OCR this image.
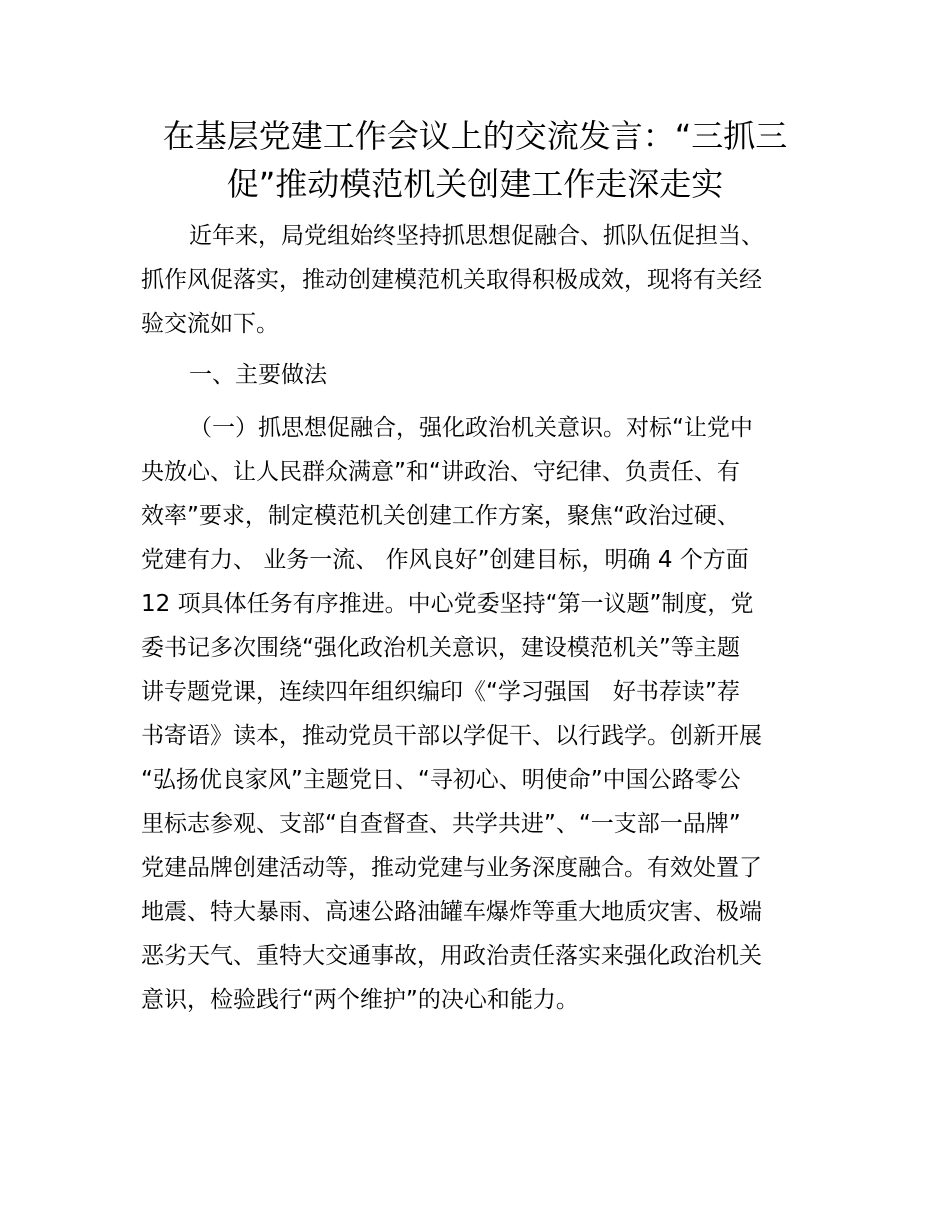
在基层党建工作会议上的交流发言：“三抓三
促”推动模范机关创建工作走深走实

近年来，局党组始终坚持抓思想促融合、抓队伍促担当、
抓作风促落实，推动创建模范机关取得积极成效，现将有关经
验交流如下。

一、主要做法

（一）抓思想促融合，强化政治机关意识。对标“让党中
央放心、让人民群众满意”和“讲政治、守纪律、负责任、有
效率”要求，制定模范机关创建工作方案，聚焦“政治过硬、
党建有力、 业务一流、 作风良好”创建目标，明确 4 个方面
12 项具体任务有序推进。中心党委坚持“第一议题”制度，党
委书记多次围绕“强化政治机关意识，建设模范机关”等主题
讲专题党课，连续四年组织编印《“学习强国　好书荐读”荐
书寄语》读本，推动党员干部以学促干、以行践学。创新开展
“弘扬优良家风”主题党日、“寻初心、明使命”中国公路零公
里标志参观、支部“自查督查、共学共进”、“一支部一品牌”
党建品牌创建活动等，推动党建与业务深度融合。有效处置了
地震、特大暴雨、高速公路油罐车爆炸等重大地质灾害、极端
恶劣天气、重特大交通事故，用政治责任落实来强化政治机关
意识，检验践行“两个维护”的决心和能力。
